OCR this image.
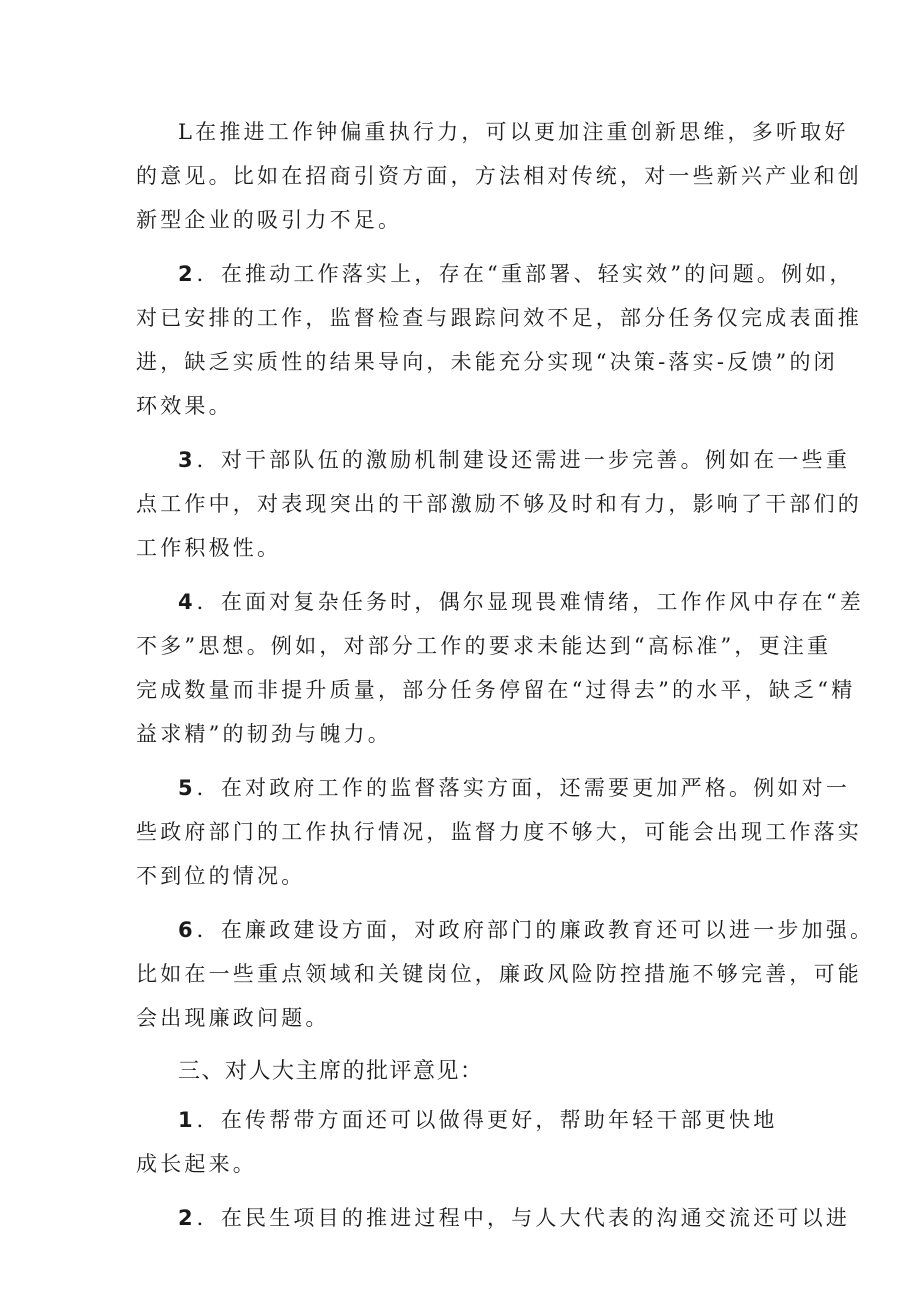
L在推进工作钟偏重执行力，可以更加注重创新思维，多听取好
的意见。比如在招商引资方面，方法相对传统，对一些新兴产业和创
新型企业的吸引力不足。
2．在推动工作落实上，存在“重部署、轻实效”的问题。例如，
对已安排的工作，监督检查与跟踪问效不足，部分任务仅完成表面推
进，缺乏实质性的结果导向，未能充分实现“决策-落实-反馈”的闭
环效果。
3．对干部队伍的激励机制建设还需进一步完善。例如在一些重
点工作中，对表现突出的干部激励不够及时和有力，影响了干部们的
工作积极性。
4．在面对复杂任务时，偶尔显现畏难情绪，工作作风中存在“差
不多”思想。例如，对部分工作的要求未能达到“高标准”，更注重
完成数量而非提升质量，部分任务停留在“过得去”的水平，缺乏“精
益求精”的韧劲与魄力。
5．在对政府工作的监督落实方面，还需要更加严格。例如对一
些政府部门的工作执行情况，监督力度不够大，可能会出现工作落实
不到位的情况。
6．在廉政建设方面，对政府部门的廉政教育还可以进一步加强。
比如在一些重点领域和关键岗位，廉政风险防控措施不够完善，可能
会出现廉政问题。
三、对人大主席的批评意见：
1．在传帮带方面还可以做得更好，帮助年轻干部更快地
成长起来。
2．在民生项目的推进过程中，与人大代表的沟通交流还可以进
